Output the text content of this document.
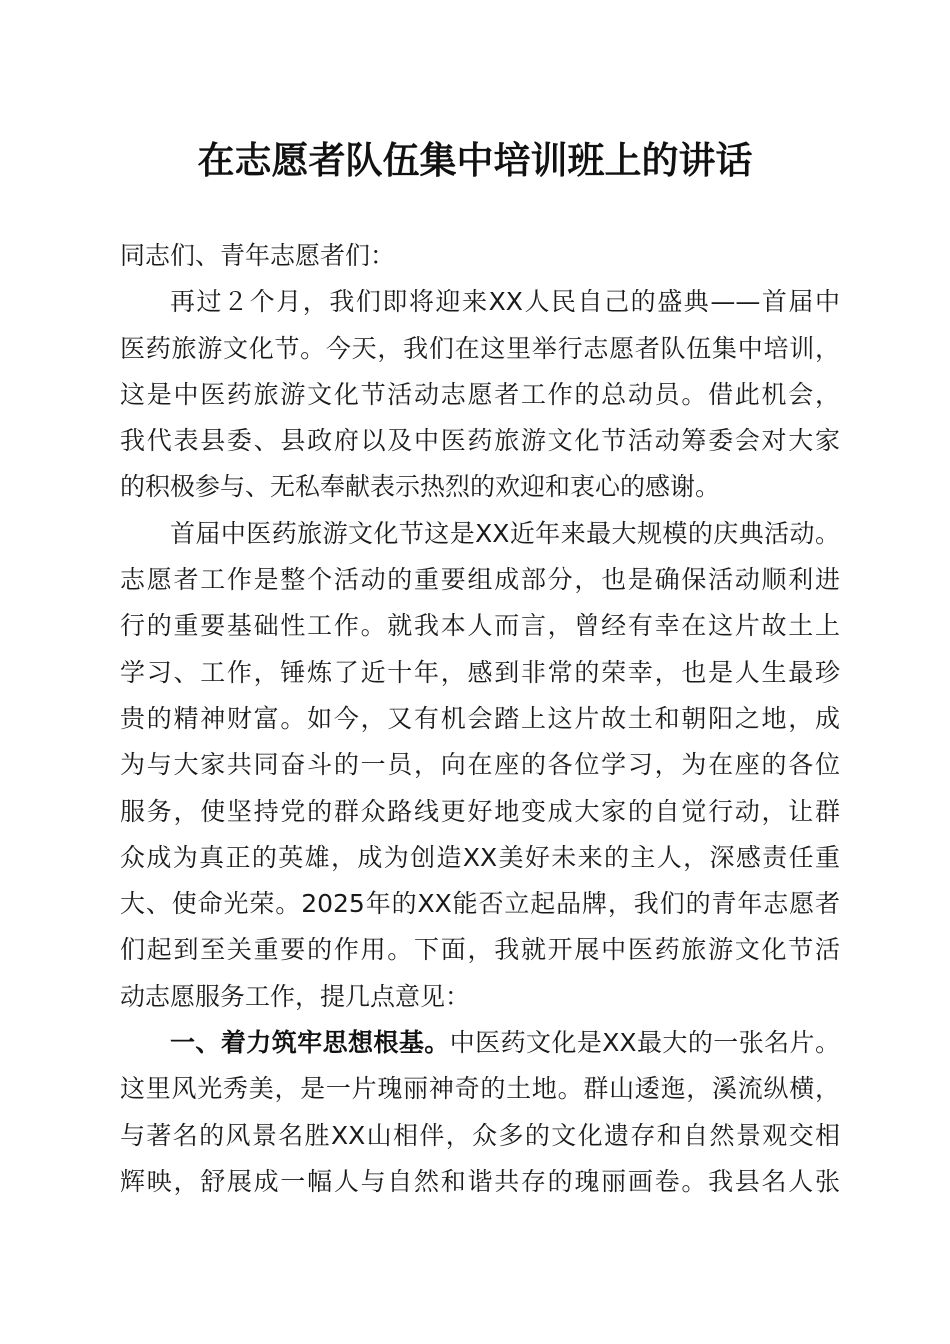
在志愿者队伍集中培训班上的讲话
同志们、青年志愿者们：
再过２个月，我们即将迎来XX人民自己的盛典——首届中
医药旅游文化节。今天，我们在这里举行志愿者队伍集中培训，
这是中医药旅游文化节活动志愿者工作的总动员。借此机会，
我代表县委、县政府以及中医药旅游文化节活动筹委会对大家
的积极参与、无私奉献表示热烈的欢迎和衷心的感谢。
首届中医药旅游文化节这是XX近年来最大规模的庆典活动。
志愿者工作是整个活动的重要组成部分，也是确保活动顺利进
行的重要基础性工作。就我本人而言，曾经有幸在这片故土上
学习、工作，锤炼了近十年，感到非常的荣幸，也是人生最珍
贵的精神财富。如今，又有机会踏上这片故土和朝阳之地，成
为与大家共同奋斗的一员，向在座的各位学习，为在座的各位
服务，使坚持党的群众路线更好地变成大家的自觉行动，让群
众成为真正的英雄，成为创造XX美好未来的主人，深感责任重
大、使命光荣。2025年的XX能否立起品牌，我们的青年志愿者
们起到至关重要的作用。下面，我就开展中医药旅游文化节活
动志愿服务工作，提几点意见：
一、着力筑牢思想根基。中医药文化是XX最大的一张名片。
这里风光秀美，是一片瑰丽神奇的土地。群山逶迤，溪流纵横，
与著名的风景名胜XX山相伴，众多的文化遗存和自然景观交相
辉映，舒展成一幅人与自然和谐共存的瑰丽画卷。我县名人张
